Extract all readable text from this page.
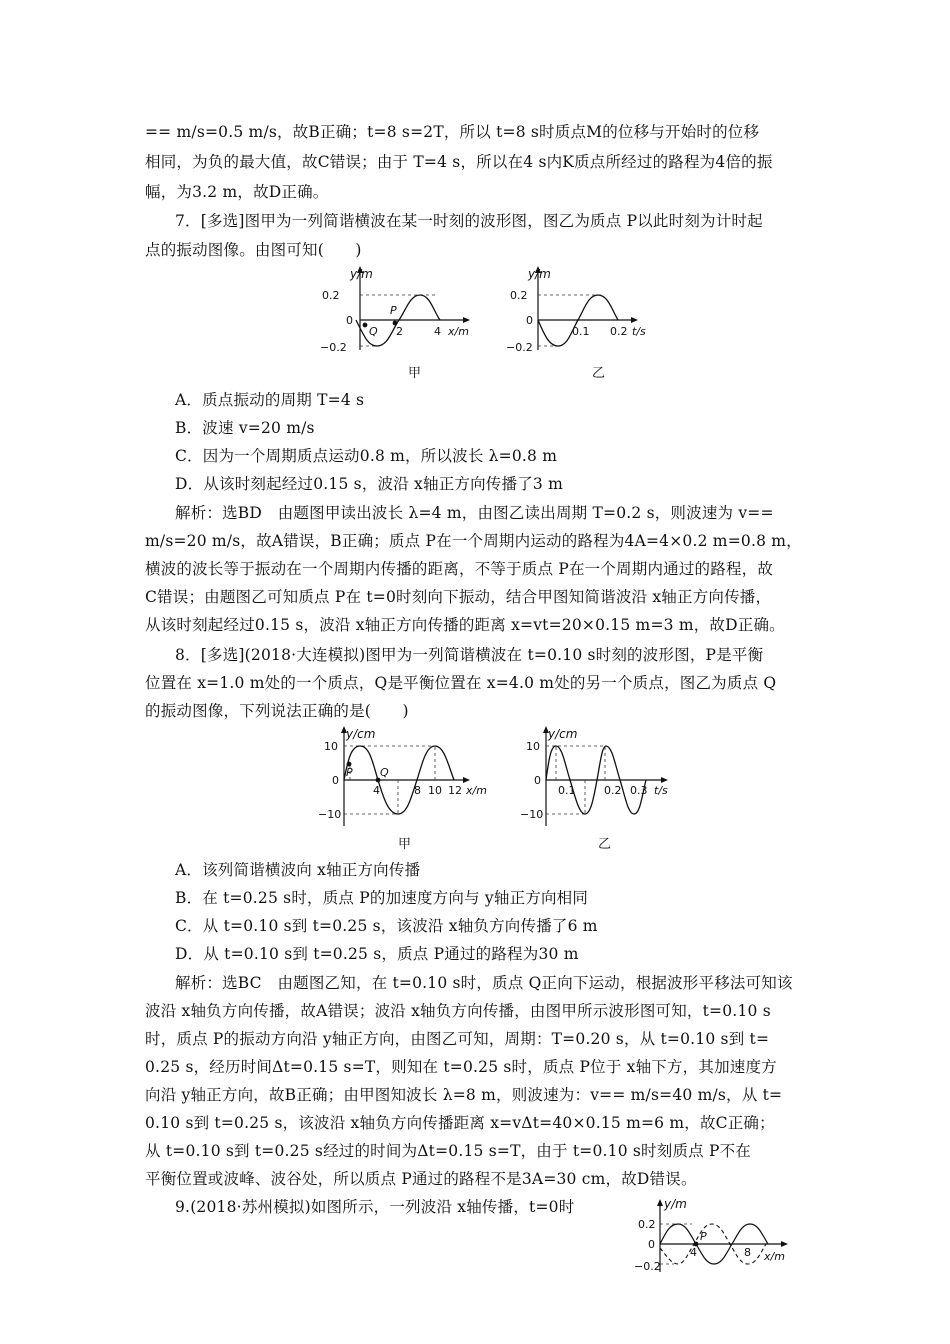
== m/s=0.5 m/s，故B正确；t=8 s=2T，所以 t=8 s时质点M的位移与开始时的位移
相同，为负的最大值，故C错误；由于 T=4 s，所以在4 s内K质点所经过的路程为4倍的振
幅，为3.2 m，故D正确。
7．[多选]图甲为一列简谐横波在某一时刻的波形图，图乙为质点 P以此时刻为计时起
点的振动图像。由图可知(　　)
y/m
0.2
0
−0.2
2	4 x/m
P
Q
甲
y/m
0.2
0
−0.2
0.1 0.2 t/s
乙
A．质点振动的周期 T=4 s
B．波速 v=20 m/s
C．因为一个周期质点运动0.8 m，所以波长 λ=0.8 m
D．从该时刻起经过0.15 s，波沿 x轴正方向传播了3 m
解析：选BD　由题图甲读出波长 λ=4 m，由图乙读出周期 T=0.2 s，则波速为 v==
m/s=20 m/s，故A错误，B正确；质点 P在一个周期内运动的路程为4A=4×0.2 m=0.8 m，
横波的波长等于振动在一个周期内传播的距离，不等于质点 P在一个周期内通过的路程，故
C错误；由题图乙可知质点 P在 t=0时刻向下振动，结合甲图知简谐波沿 x轴正方向传播，
从该时刻起经过0.15 s，波沿 x轴正方向传播的距离 x=vt=20×0.15 m=3 m，故D正确。
8．[多选](2018·大连模拟)图甲为一列简谐横波在 t=0.10 s时刻的波形图，P是平衡
位置在 x=1.0 m处的一个质点，Q是平衡位置在 x=4.0 m处的另一个质点，图乙为质点 Q
的振动图像，下列说法正确的是(　　)
y/cm
10
0
−10
4	8 10 12 x/m
P Q
甲
y/cm
10
0
−10
0.1	0.2 0.3 t/s
乙
A．该列简谐横波向 x轴正方向传播
B．在 t=0.25 s时，质点 P的加速度方向与 y轴正方向相同
C．从 t=0.10 s到 t=0.25 s，该波沿 x轴负方向传播了6 m
D．从 t=0.10 s到 t=0.25 s，质点 P通过的路程为30 m
解析：选BC　由题图乙知，在 t=0.10 s时，质点 Q正向下运动，根据波形平移法可知该
波沿 x轴负方向传播，故A错误；波沿 x轴负方向传播，由图甲所示波形图可知，t=0.10 s
时，质点 P的振动方向沿 y轴正方向，由图乙可知，周期：T=0.20 s，从 t=0.10 s到 t=
0.25 s，经历时间Δt=0.15 s=T，则知在 t=0.25 s时，质点 P位于 x轴下方，其加速度方
向沿 y轴正方向，故B正确；由甲图知波长 λ=8 m，则波速为：v== m/s=40 m/s，从 t=
0.10 s到 t=0.25 s，该波沿 x轴负方向传播距离 x=vΔt=40×0.15 m=6 m，故C正确；
从 t=0.10 s到 t=0.25 s经过的时间为Δt=0.15 s=T，由于 t=0.10 s时刻质点 P不在
平衡位置或波峰、波谷处，所以质点 P通过的路程不是3A=30 cm，故D错误。
9.(2018·苏州模拟)如图所示，一列波沿 x轴传播，t=0时	y/m
0.2
0
−0.2
4	8 x/m
P
